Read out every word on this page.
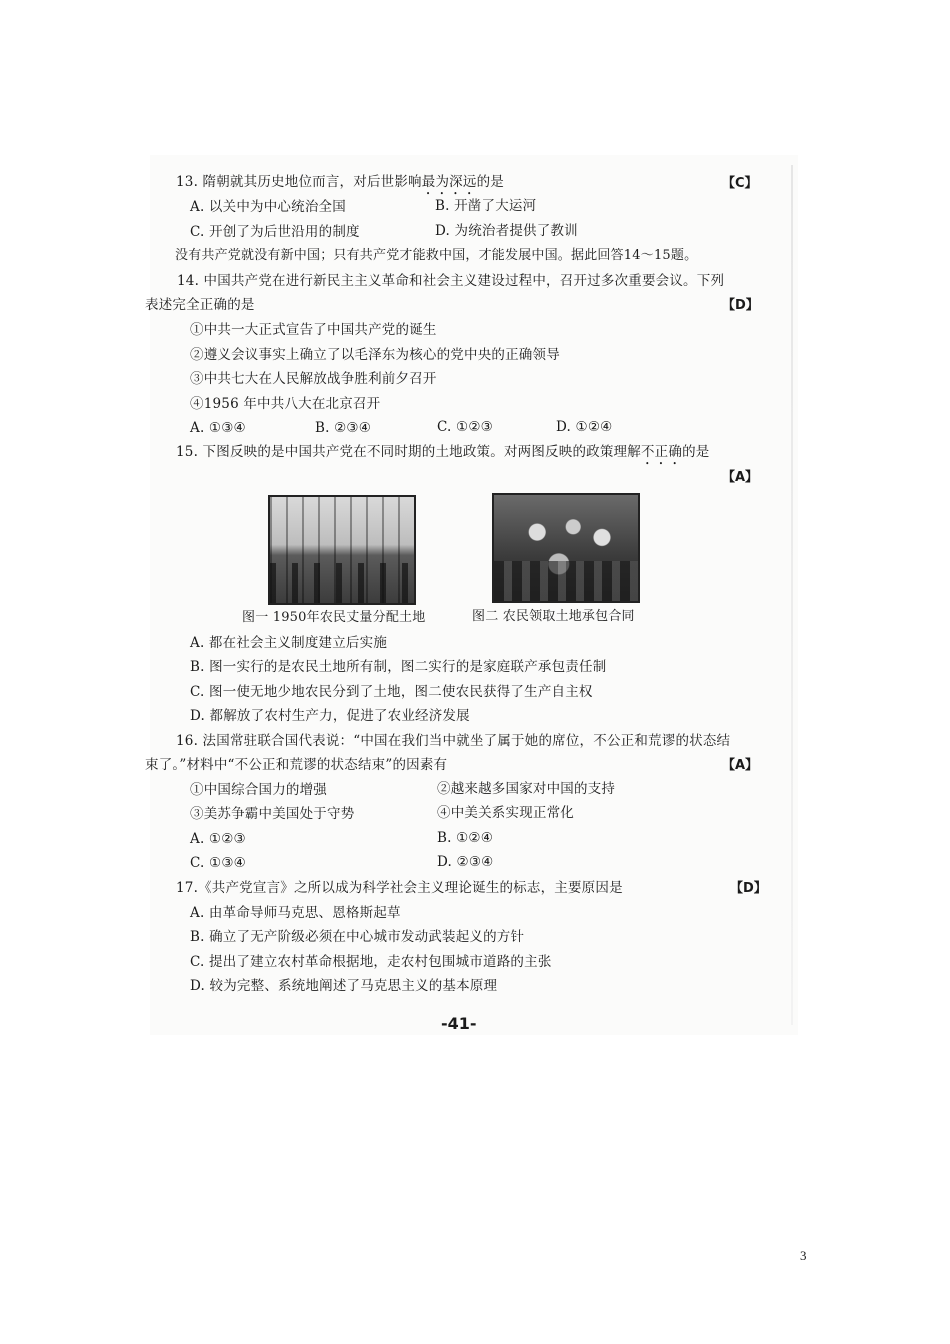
13. 隋朝就其历史地位而言，对后世影响最为深远的是	【C】
A. 以关中为中心统治全国	B. 开凿了大运河
C. 开创了为后世沿用的制度	D. 为统治者提供了教训
没有共产党就没有新中国；只有共产党才能救中国，才能发展中国。据此回答14～15题。
14. 中国共产党在进行新民主主义革命和社会主义建设过程中，召开过多次重要会议。下列
表述完全正确的是	【D】
①中共一大正式宣告了中国共产党的诞生
②遵义会议事实上确立了以毛泽东为核心的党中央的正确领导
③中共七大在人民解放战争胜利前夕召开
④1956 年中共八大在北京召开
A. ①③④	B. ②③④	C. ①②③	D. ①②④
15. 下图反映的是中国共产党在不同时期的土地政策。对两图反映的政策理解不正确的是
【A】
图一 1950年农民丈量分配土地	图二 农民领取土地承包合同
A. 都在社会主义制度建立后实施
B. 图一实行的是农民土地所有制，图二实行的是家庭联产承包责任制
C. 图一使无地少地农民分到了土地，图二使农民获得了生产自主权
D. 都解放了农村生产力，促进了农业经济发展
16. 法国常驻联合国代表说：“中国在我们当中就坐了属于她的席位，不公正和荒谬的状态结
束了。”材料中“不公正和荒谬的状态结束”的因素有	【A】
①中国综合国力的增强	②越来越多国家对中国的支持
③美苏争霸中美国处于守势	④中美关系实现正常化
A. ①②③	B. ①②④
C. ①③④	D. ②③④
17.《共产党宣言》之所以成为科学社会主义理论诞生的标志，主要原因是	【D】
A. 由革命导师马克思、恩格斯起草
B. 确立了无产阶级必须在中心城市发动武装起义的方针
C. 提出了建立农村革命根据地，走农村包围城市道路的主张
D. 较为完整、系统地阐述了马克思主义的基本原理
-41-
3
